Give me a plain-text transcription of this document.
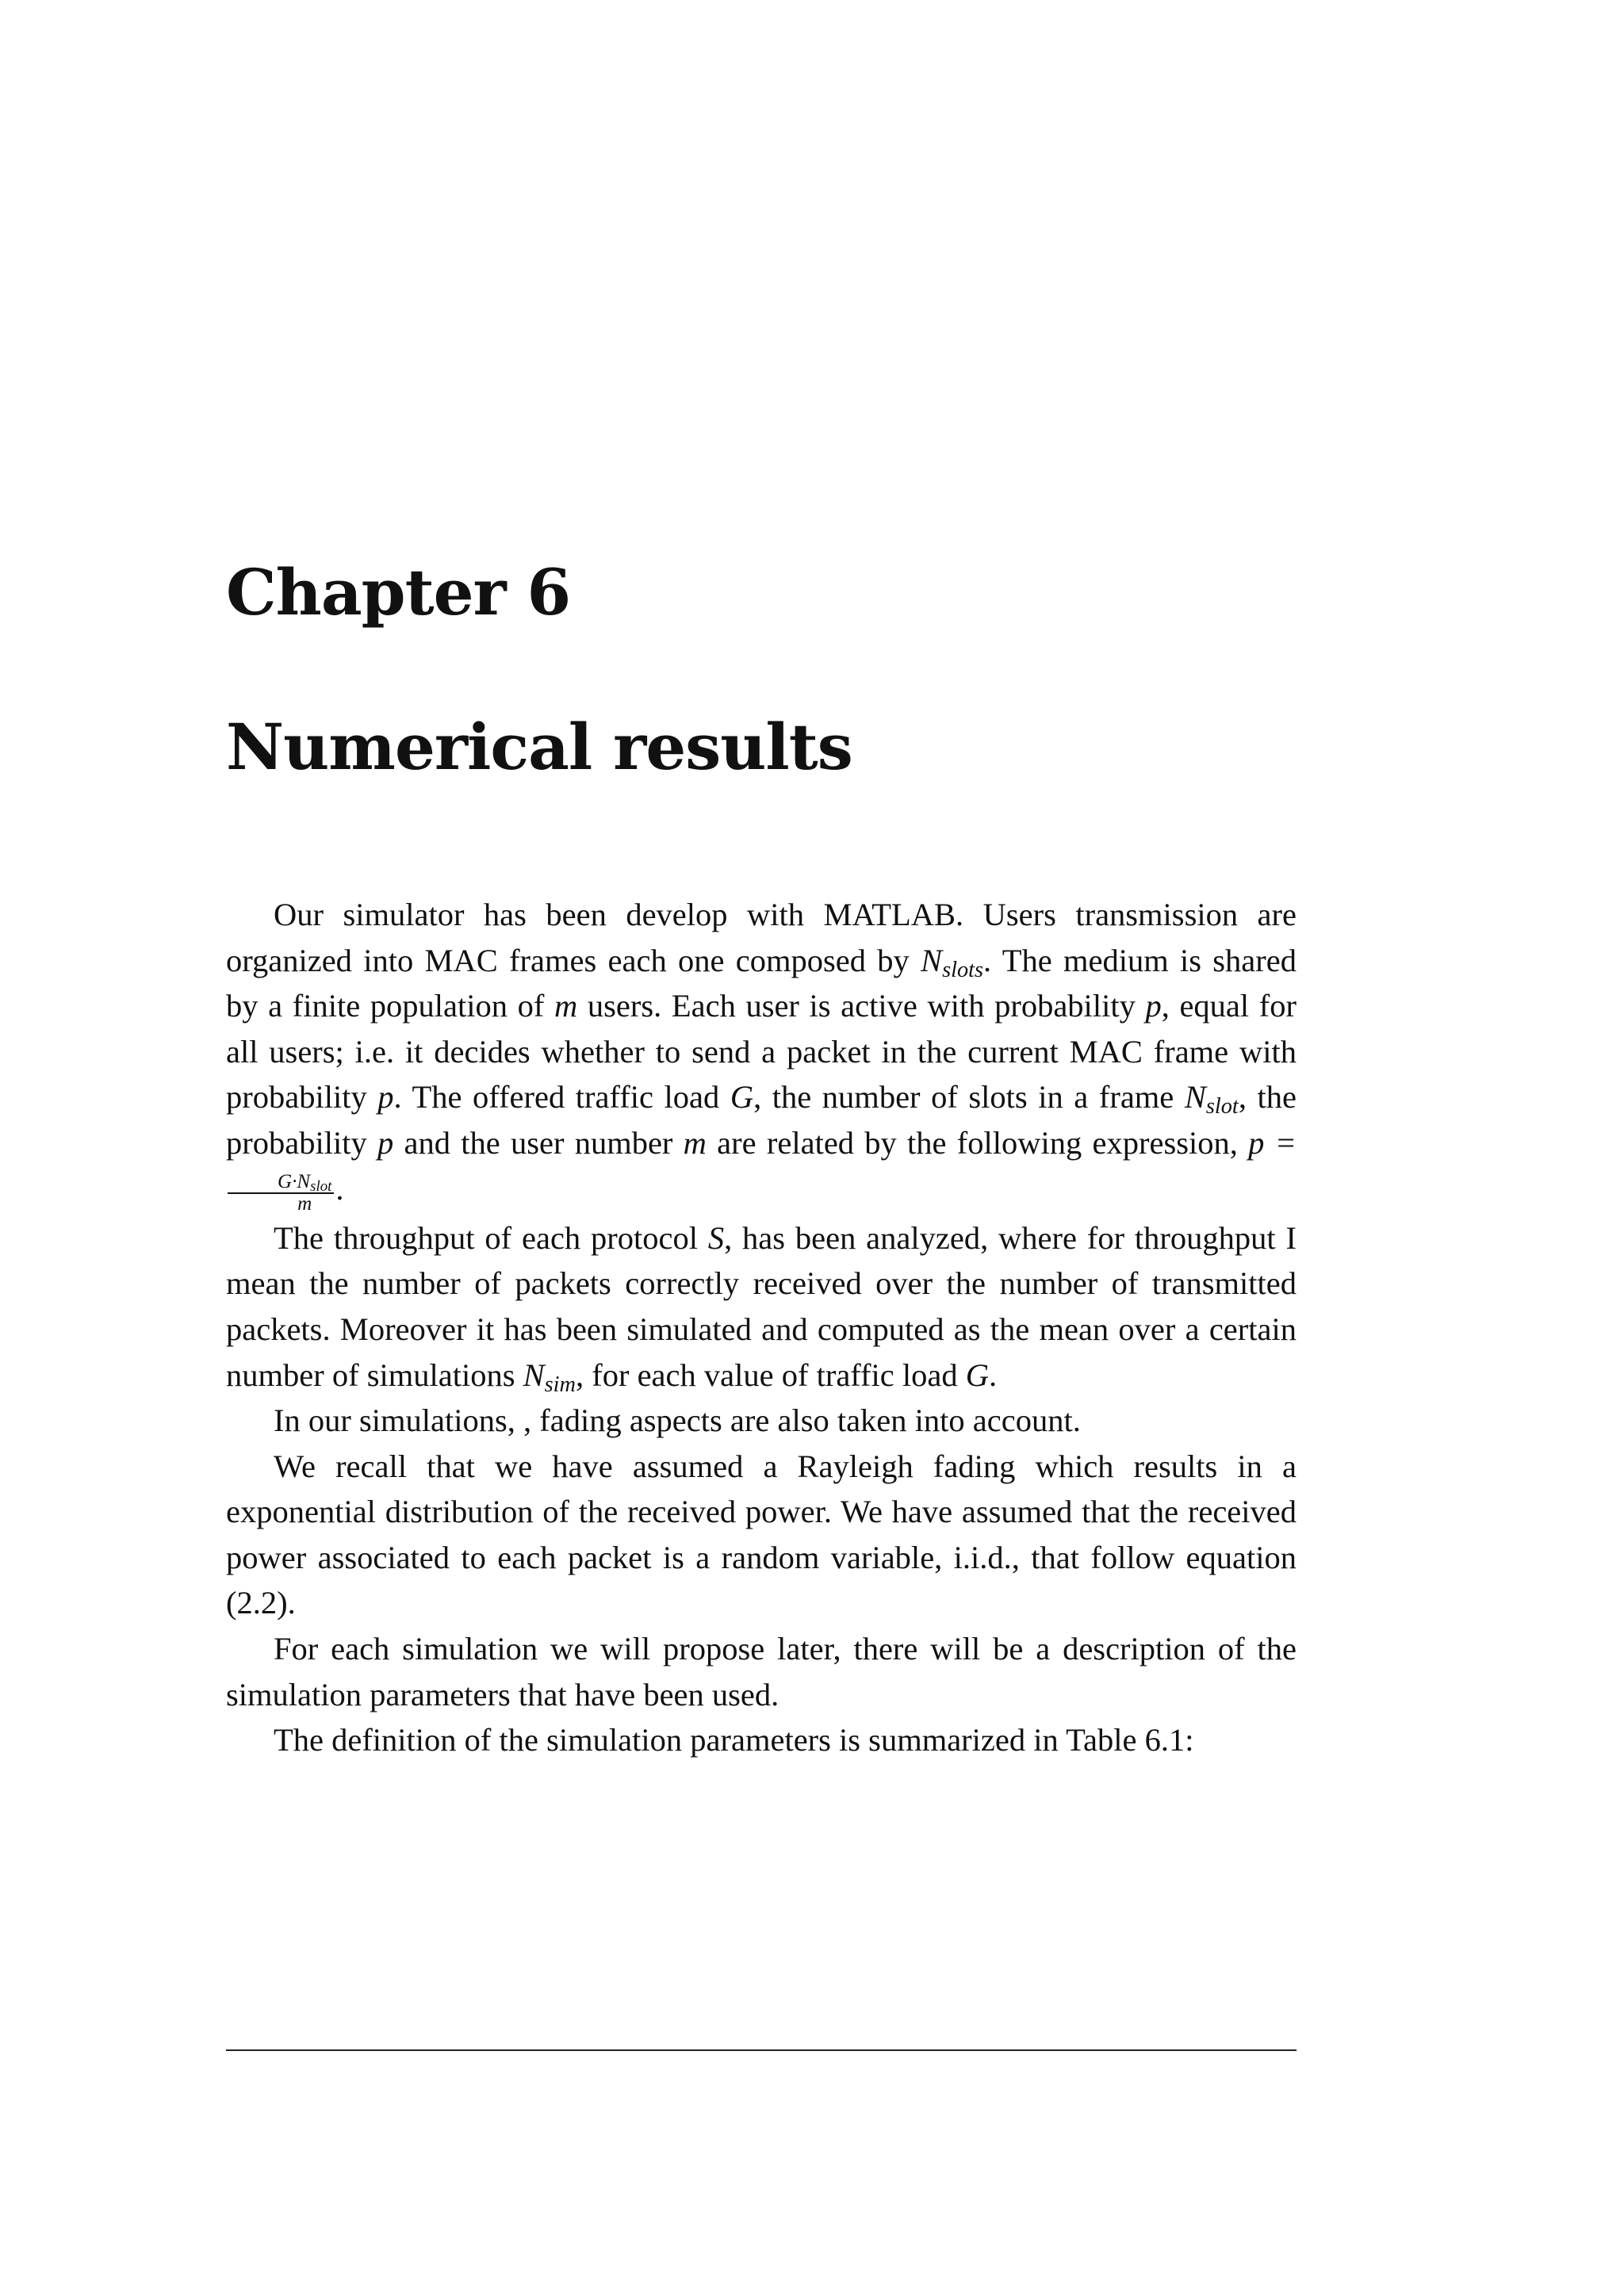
Chapter 6
Numerical results

Our simulator has been develop with MATLAB. Users transmission are organized into MAC frames each one composed by $N_{slots}$. The medium is shared by a finite population of m users. Each user is active with probability p, equal for all users; i.e. it decides whether to send a packet in the current MAC frame with probability p. The offered traffic load G, the number of slots in a frame $N_{slot}$, the probability p and the user number m are related by the following expression, p =
$\frac{G\cdot N_{slot}}{m}$ .

The throughput of each protocol S, has been analyzed, where for throughput I mean the number of packets correctly received over the number of transmitted packets. Moreover it has been simulated and computed as the mean over a certain number of simulations $N_{sim}$, for each value of traffic load G.

In our simulations, , fading aspects are also taken into account.

We recall that we have assumed a Rayleigh fading which results in a exponential distribution of the received power. We have assumed that the received power associated to each packet is a random variable, i.i.d., that follow equation (2.2).

For each simulation we will propose later, there will be a description of the simulation parameters that have been used.

The definition of the simulation parameters is summarized in Table 6.1:
